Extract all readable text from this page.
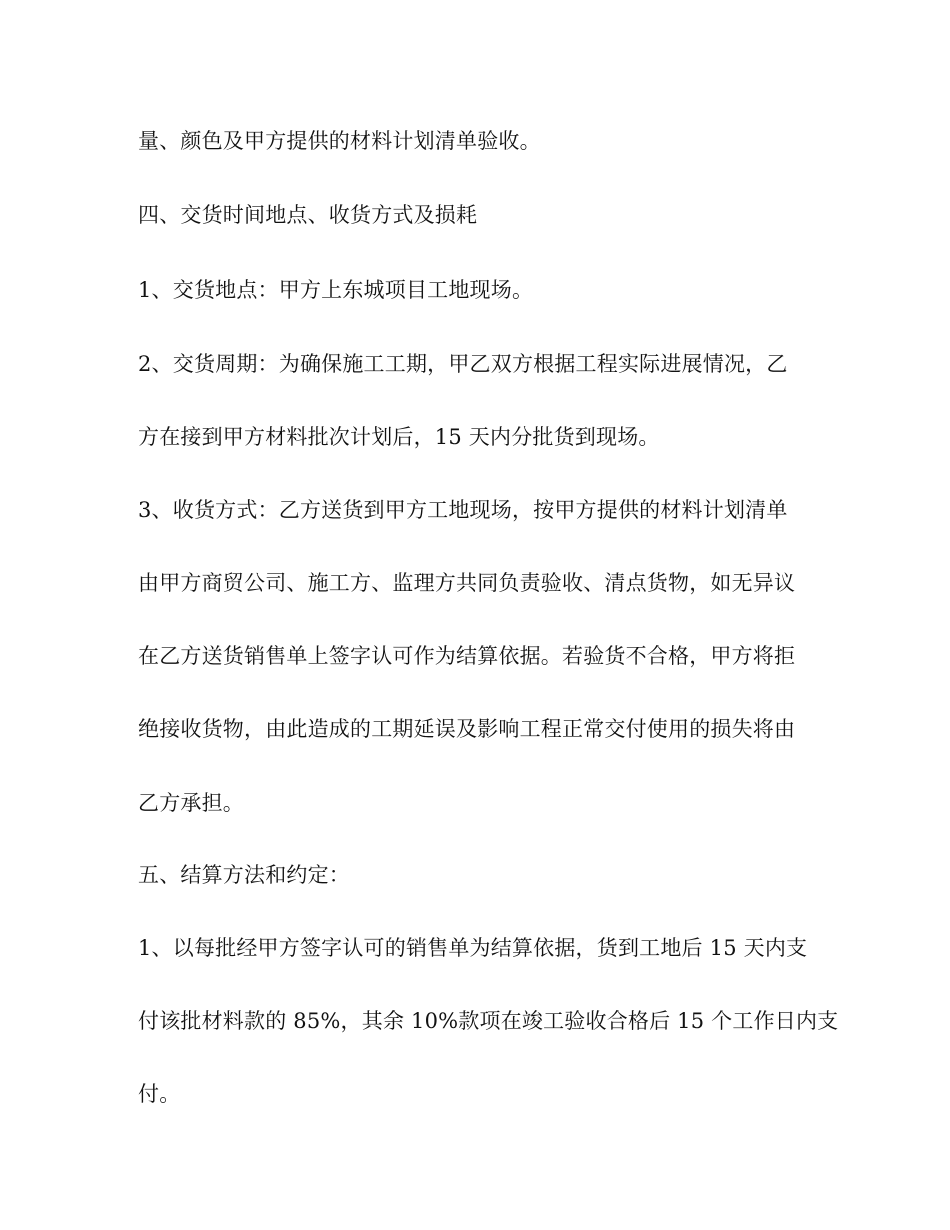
量、颜色及甲方提供的材料计划清单验收。
四、交货时间地点、收货方式及损耗
1、交货地点：甲方上东城项目工地现场。
2、交货周期：为确保施工工期，甲乙双方根据工程实际进展情况，乙
方在接到甲方材料批次计划后，15 天内分批货到现场。
3、收货方式：乙方送货到甲方工地现场，按甲方提供的材料计划清单
由甲方商贸公司、施工方、监理方共同负责验收、清点货物，如无异议
在乙方送货销售单上签字认可作为结算依据。若验货不合格，甲方将拒
绝接收货物，由此造成的工期延误及影响工程正常交付使用的损失将由
乙方承担。
五、结算方法和约定：
1、以每批经甲方签字认可的销售单为结算依据，货到工地后 15 天内支
付该批材料款的 85%，其余 10%款项在竣工验收合格后 15 个工作日内支
付。
